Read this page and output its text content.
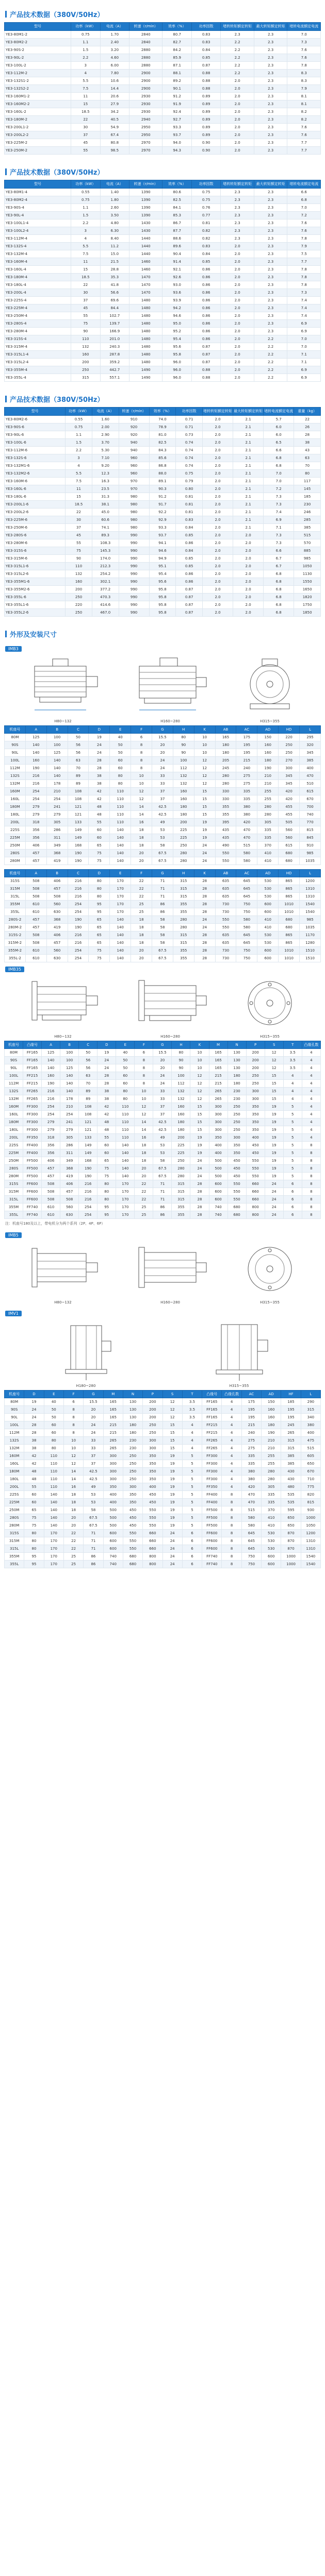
产品技术数据（380V/50Hz）
型号	功率（kW）	电流（A）	转速（r/min）	效率（%）	功率因数	堵转转矩额定转矩	最大转矩额定转矩	堵转电流额定电流
YE3-80M1-2	0.75	1.70	2840	80.7	0.83	2.3	2.3	7.0
YE3-80M2-2	1.1	2.40	2840	82.7	0.83	2.2	2.3	7.3
YE3-90S-2	1.5	3.20	2880	84.2	0.84	2.2	2.3	7.6
YE3-90L-2	2.2	4.60	2880	85.9	0.85	2.2	2.3	7.6
YE3-100L-2	3	6.00	2880	87.1	0.87	2.2	2.3	7.8
YE3-112M-2	4	7.80	2900	88.1	0.88	2.2	2.3	8.3
YE3-132S1-2	5.5	10.6	2900	89.2	0.88	2.0	2.3	8.3
YE3-132S2-2	7.5	14.4	2900	90.1	0.88	2.0	2.3	7.9
YE3-160M1-2	11	20.6	2930	91.2	0.89	2.0	2.3	8.1
YE3-160M2-2	15	27.9	2930	91.9	0.89	2.0	2.3	8.1
YE3-160L-2	18.5	34.2	2930	92.4	0.89	2.0	2.3	8.2
YE3-180M-2	22	40.5	2940	92.7	0.89	2.0	2.3	8.2
YE3-200L1-2	30	54.9	2950	93.3	0.89	2.0	2.3	7.6
YE3-200L2-2	37	67.4	2950	93.7	0.89	2.0	2.3	7.6
YE3-225M-2	45	80.8	2970	94.0	0.90	2.0	2.3	7.7
YE3-250M-2	55	98.5	2970	94.3	0.90	2.0	2.3	7.7
产品技术数据（380V/50Hz）
型号	功率（kW）	电流（A）	转速（r/min）	效率（%）	功率因数	堵转转矩额定转矩	最大转矩额定转矩	堵转电流额定电流
YE3-80M1-4	0.55	1.40	1390	80.6	0.75	2.3	2.3	6.6
YE3-80M2-4	0.75	1.80	1390	82.5	0.75	2.3	2.3	6.8
YE3-90S-4	1.1	2.60	1390	84.1	0.76	2.3	2.3	7.0
YE3-90L-4	1.5	3.50	1390	85.3	0.77	2.3	2.3	7.2
YE3-100L1-4	2.2	4.80	1430	86.7	0.81	2.3	2.3	7.6
YE3-100L2-4	3	6.30	1430	87.7	0.82	2.3	2.3	7.6
YE3-112M-4	4	8.40	1440	88.6	0.82	2.3	2.3	7.8
YE3-132S-4	5.5	11.2	1440	89.6	0.83	2.0	2.3	7.9
YE3-132M-4	7.5	15.0	1440	90.4	0.84	2.0	2.3	7.5
YE3-160M-4	11	21.5	1460	91.4	0.85	2.0	2.3	7.7
YE3-160L-4	15	28.8	1460	92.1	0.86	2.0	2.3	7.8
YE3-180M-4	18.5	35.3	1470	92.6	0.86	2.0	2.3	7.8
YE3-180L-4	22	41.8	1470	93.0	0.86	2.0	2.3	7.8
YE3-200L-4	30	56.6	1470	93.6	0.86	2.0	2.3	7.3
YE3-225S-4	37	69.6	1480	93.9	0.86	2.0	2.3	7.4
YE3-225M-4	45	84.4	1480	94.2	0.86	2.0	2.3	7.4
YE3-250M-4	55	102.7	1480	94.6	0.86	2.0	2.3	7.4
YE3-280S-4	75	139.7	1480	95.0	0.86	2.0	2.3	6.9
YE3-280M-4	90	166.9	1480	95.2	0.86	2.0	2.3	6.9
YE3-315S-4	110	201.0	1480	95.4	0.86	2.0	2.2	7.0
YE3-315M-4	132	240.3	1480	95.6	0.87	2.0	2.2	7.0
YE3-315L1-4	160	287.8	1480	95.8	0.87	2.0	2.2	7.1
YE3-315L2-4	200	359.2	1480	96.0	0.87	2.0	2.2	7.1
YE3-355M-4	250	442.7	1490	96.0	0.88	2.0	2.2	6.9
YE3-355L-4	315	557.1	1490	96.0	0.88	2.0	2.2	6.9
产品技术数据（380V/50Hz）
型号	功率（kW）	电流（A）	转速（r/min）	效率（%）	功率因数	堵转转矩额定转矩	最大转矩额定转矩	堵转电流额定电流	重量（kg）
YE3-80M2-6	0.55	1.60	910	74.0	0.71	2.0	2.1	5.7	22
YE3-90S-6	0.75	2.00	920	78.9	0.71	2.0	2.1	6.0	26
YE3-90L-6	1.1	2.90	920	81.0	0.73	2.0	2.1	6.0	28
YE3-100L-6	1.5	3.70	940	82.5	0.74	2.0	2.1	6.5	38
YE3-112M-6	2.2	5.30	940	84.3	0.74	2.0	2.1	6.6	43
YE3-132S-6	3	7.10	960	85.6	0.74	2.0	2.1	6.8	63
YE3-132M1-6	4	9.20	960	86.8	0.74	2.0	2.1	6.8	70
YE3-132M2-6	5.5	12.3	960	88.0	0.75	2.0	2.1	7.0	80
YE3-160M-6	7.5	16.3	970	89.1	0.79	2.0	2.1	7.0	117
YE3-160L-6	11	23.5	970	90.3	0.80	2.0	2.1	7.2	145
YE3-180L-6	15	31.3	980	91.2	0.81	2.0	2.1	7.3	185
YE3-200L1-6	18.5	38.1	980	91.7	0.81	2.0	2.1	7.3	230
YE3-200L2-6	22	45.0	980	92.2	0.81	2.0	2.1	7.4	246
YE3-225M-6	30	60.6	980	92.9	0.83	2.0	2.1	6.9	285
YE3-250M-6	37	74.1	980	93.3	0.84	2.0	2.1	7.1	385
YE3-280S-6	45	89.3	990	93.7	0.85	2.0	2.0	7.3	515
YE3-280M-6	55	108.3	990	94.1	0.86	2.0	2.0	7.3	570
YE3-315S-6	75	145.3	990	94.6	0.84	2.0	2.0	6.6	885
YE3-315M-6	90	174.0	990	94.9	0.85	2.0	2.0	6.7	985
YE3-315L1-6	110	212.3	990	95.1	0.85	2.0	2.0	6.7	1050
YE3-315L2-6	132	254.2	990	95.4	0.86	2.0	2.0	6.8	1130
YE3-355M1-6	160	302.1	990	95.6	0.86	2.0	2.0	6.8	1550
YE3-355M2-6	200	377.2	990	95.8	0.87	2.0	2.0	6.8	1650
YE3-355L-6	250	470.3	990	95.8	0.87	2.0	2.0	6.8	1820
YE3-355L1-6	220	414.6	990	95.8	0.87	2.0	2.0	6.8	1750
YE3-355L2-6	250	467.0	990	95.8	0.87	2.0	2.0	6.8	1850
外形及安装尺寸
IMB3
H80~132	H160~280	H315~355
机座号	A	B	C	D	E	F	G	H	K	AB	AC	AD	HD	L
80M	125	100	50	19	40	6	15.5	80	10	165	175	150	220	295
90S	140	100	56	24	50	8	20	90	10	180	195	160	250	320
90L	140	125	56	24	50	8	20	90	10	180	195	160	250	345
100L	160	140	63	28	60	8	24	100	12	205	215	180	270	385
112M	190	140	70	28	60	8	24	112	12	245	240	190	300	400
132S	216	140	89	38	80	10	33	132	12	280	275	210	345	470
132M	216	178	89	38	80	10	33	132	12	280	275	210	345	510
160M	254	210	108	42	110	12	37	160	15	330	335	255	420	615
160L	254	254	108	42	110	12	37	160	15	330	335	255	420	670
180M	279	241	121	48	110	14	42.5	180	15	355	380	280	455	700
180L	279	279	121	48	110	14	42.5	180	15	355	380	280	455	740
200L	318	305	133	55	110	16	49	200	19	395	420	305	505	770
225S	356	286	149	60	140	18	53	225	19	435	470	335	560	815
225M	356	311	149	60	140	18	53	225	19	435	470	335	560	845
250M	406	349	168	65	140	18	58	250	24	490	515	370	615	910
280S	457	368	190	75	140	20	67.5	280	24	550	580	410	680	985
280M	457	419	190	75	140	20	67.5	280	24	550	580	410	680	1035
机座号	A	B	C	D	E	F	G	H	K	AB	AC	AD	HD	L
315S	508	406	216	80	170	22	71	315	28	635	645	530	865	1200
315M	508	457	216	80	170	22	71	315	28	635	645	530	865	1310
315L	508	508	216	80	170	22	71	315	28	635	645	530	865	1310
355M	610	560	254	95	170	25	86	355	28	730	750	600	1010	1540
355L	610	630	254	95	170	25	86	355	28	730	750	600	1010	1540
280S-2	457	368	190	65	140	18	58	280	24	550	580	410	680	985
280M-2	457	419	190	65	140	18	58	280	24	550	580	410	680	1035
315S-2	508	406	216	65	140	18	58	315	28	635	645	530	865	1170
315M-2	508	457	216	65	140	18	58	315	28	635	645	530	865	1280
355M-2	610	560	254	75	140	20	67.5	355	28	730	750	600	1010	1510
355L-2	610	630	254	75	140	20	67.5	355	28	730	750	600	1010	1510
IMB35
H80~132	H160~280	H315~355
机座号	凸缘号	A	B	C	D	E	F	G	H	K	M	N	P	S	T	凸缘孔数
80M	FF165	125	100	50	19	40	6	15.5	80	10	165	130	200	12	3.5	4
90S	FF165	140	100	56	24	50	8	20	90	10	165	130	200	12	3.5	4
90L	FF165	140	125	56	24	50	8	20	90	10	165	130	200	12	3.5	4
100L	FF215	160	140	63	28	60	8	24	100	12	215	180	250	15	4	4
112M	FF215	190	140	70	28	60	8	24	112	12	215	180	250	15	4	4
132S	FF265	216	140	89	38	80	10	33	132	12	265	230	300	15	4	4
132M	FF265	216	178	89	38	80	10	33	132	12	265	230	300	15	4	4
160M	FF300	254	210	108	42	110	12	37	160	15	300	250	350	19	5	4
160L	FF300	254	254	108	42	110	12	37	160	15	300	250	350	19	5	4
180M	FF300	279	241	121	48	110	14	42.5	180	15	300	250	350	19	5	4
180L	FF300	279	279	121	48	110	14	42.5	180	15	300	250	350	19	5	4
200L	FF350	318	305	133	55	110	16	49	200	19	350	300	400	19	5	4
225S	FF400	356	286	149	60	140	18	53	225	19	400	350	450	19	5	8
225M	FF400	356	311	149	60	140	18	53	225	19	400	350	450	19	5	8
250M	FF500	406	349	168	65	140	18	58	250	24	500	450	550	19	5	8
280S	FF500	457	368	190	75	140	20	67.5	280	24	500	450	550	19	5	8
280M	FF500	457	419	190	75	140	20	67.5	280	24	500	450	550	19	5	8
315S	FF600	508	406	216	80	170	22	71	315	28	600	550	660	24	6	8
315M	FF600	508	457	216	80	170	22	71	315	28	600	550	660	24	6	8
315L	FF600	508	508	216	80	170	22	71	315	28	600	550	660	24	6	8
355M	FF740	610	560	254	95	170	25	86	355	28	740	680	800	24	6	8
355L	FF740	610	630	254	95	170	25	86	355	28	740	680	800	24	6	8
注：机座号180及以上，带电机分为两个系列（2P、4P、6P）
IMB5
H80~132	H160~280	H315~355
IMV1
H180~280	H315~355
机座号	D	E	F	G	M	N	P	S	T	凸缘号	凸缘孔数	AC	AD	HF	L
80M	19	40	6	15.5	165	130	200	12	3.5	FF165	4	175	150	185	290
90S	24	50	8	20	165	130	200	12	3.5	FF165	4	195	160	195	315
90L	24	50	8	20	165	130	200	12	3.5	FF165	4	195	160	195	340
100L	28	60	8	24	215	180	250	15	4	FF215	4	215	180	245	380
112M	28	60	8	24	215	180	250	15	4	FF215	4	240	190	265	400
132S	38	80	10	33	265	230	300	15	4	FF265	4	275	210	315	475
132M	38	80	10	33	265	230	300	15	4	FF265	4	275	210	315	515
160M	42	110	12	37	300	250	350	19	5	FF300	4	335	255	385	605
160L	42	110	12	37	300	250	350	19	5	FF300	4	335	255	385	650
180M	48	110	14	42.5	300	250	350	19	5	FF300	4	380	280	430	670
180L	48	110	14	42.5	300	250	350	19	5	FF300	4	380	280	430	710
200L	55	110	16	49	350	300	400	19	5	FF350	4	420	305	480	775
225S	60	140	18	53	400	350	450	19	5	FF400	8	470	335	535	820
225M	60	140	18	53	400	350	450	19	5	FF400	8	470	335	535	815
250M	65	140	18	58	500	450	550	19	5	FF500	8	515	370	595	930
280S	75	140	20	67.5	500	450	550	19	5	FF500	8	580	410	650	1000
280M	75	140	20	67.5	500	450	550	19	5	FF500	8	580	410	650	1050
315S	80	170	22	71	600	550	660	24	6	FF600	8	645	530	870	1200
315M	80	170	22	71	600	550	660	24	6	FF600	8	645	530	870	1310
315L	80	170	22	71	600	550	660	24	6	FF600	8	645	530	870	1310
355M	95	170	25	86	740	680	800	24	6	FF740	8	750	600	1000	1540
355L	95	170	25	86	740	680	800	24	6	FF740	8	750	600	1000	1540
